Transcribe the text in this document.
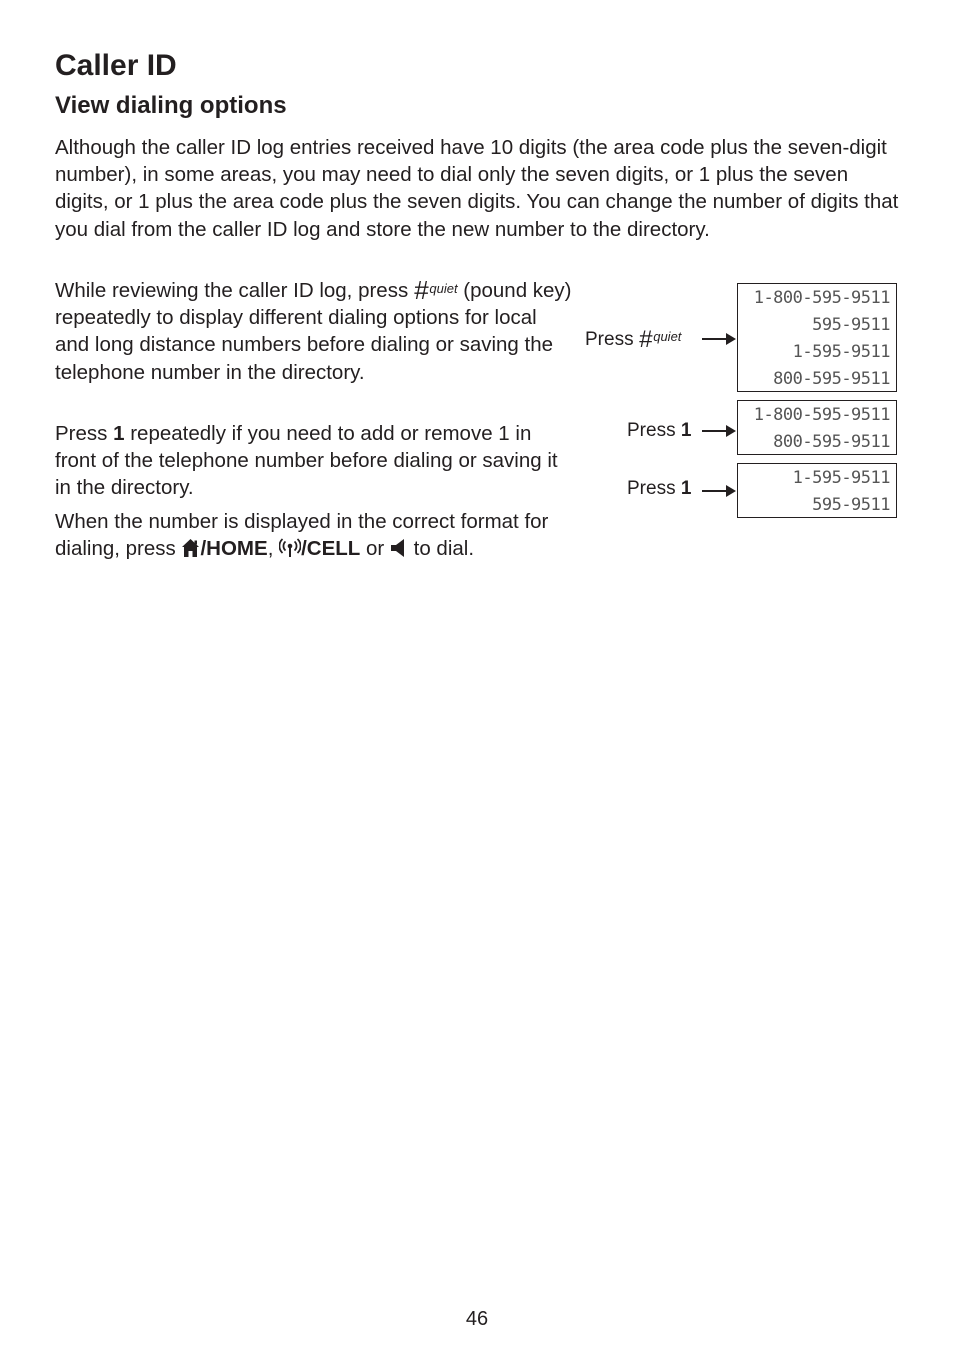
Caller ID
View dialing options

Although the caller ID log entries received have 10 digits (the area code plus the seven-digit number), in some areas, you may need to dial only the seven digits, or 1 plus the seven digits, or 1 plus the area code plus the seven digits. You can change the number of digits that you dial from the caller ID log and store the new number to the directory.

While reviewing the caller ID log, press #$^{quiet}$ (pound key) repeatedly to display different dialing options for local and long distance numbers before dialing or saving the telephone number in the directory.

Press 1 repeatedly if you need to add or remove 1 in front of the telephone number before dialing or saving it in the directory.

When the number is displayed in the correct format for dialing, press /HOME, /CELL or  to dial.

Press #$^{quiet}$
Press 1
Press 1
1-800-595-9511
595-9511
1-595-9511
800-595-9511
1-800-595-9511
800-595-9511
1-595-9511
595-9511
46
